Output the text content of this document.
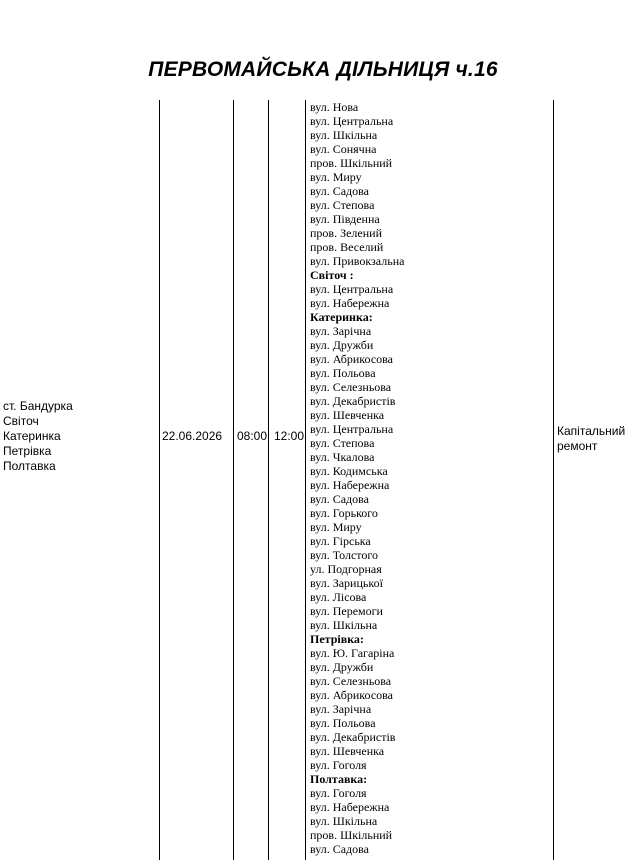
ПЕРВОМАЙСЬКА ДІЛЬНИЦЯ ч.16
ст. Бандурка
Світоч
Катеринка
Петрівка
Полтавка
22.06.2026 08:00 12:00
вул. Нова
вул. Центральна
вул. Шкільна
вул. Сонячна
пров. Шкільний
вул. Миру
вул. Садова
вул. Степова
вул. Південна
пров. Зелений
пров. Веселий
вул. Привокзальна
Світоч :
вул. Центральна
вул. Набережна
Катеринка:
вул. Зарічна
вул. Дружби
вул. Абрикосова
вул. Польова
вул. Селезньова
вул. Декабристів
вул. Шевченка
вул. Центральна
вул. Степова
вул. Чкалова
вул. Кодимська
вул. Набережна
вул. Садова
вул. Горького
вул. Миру
вул. Гірська
вул. Толстого
ул. Подгорная
вул. Зарицької
вул. Лісова
вул. Перемоги
вул. Шкільна
Петрівка:
вул. Ю. Гагаріна
вул. Дружби
вул. Селезньова
вул. Абрикосова
вул. Зарічна
вул. Польова
вул. Декабристів
вул. Шевченка
вул. Гоголя
Полтавка:
вул. Гоголя
вул. Набережна
вул. Шкільна
пров. Шкільний
вул. Садова
Капітальний ремонт
